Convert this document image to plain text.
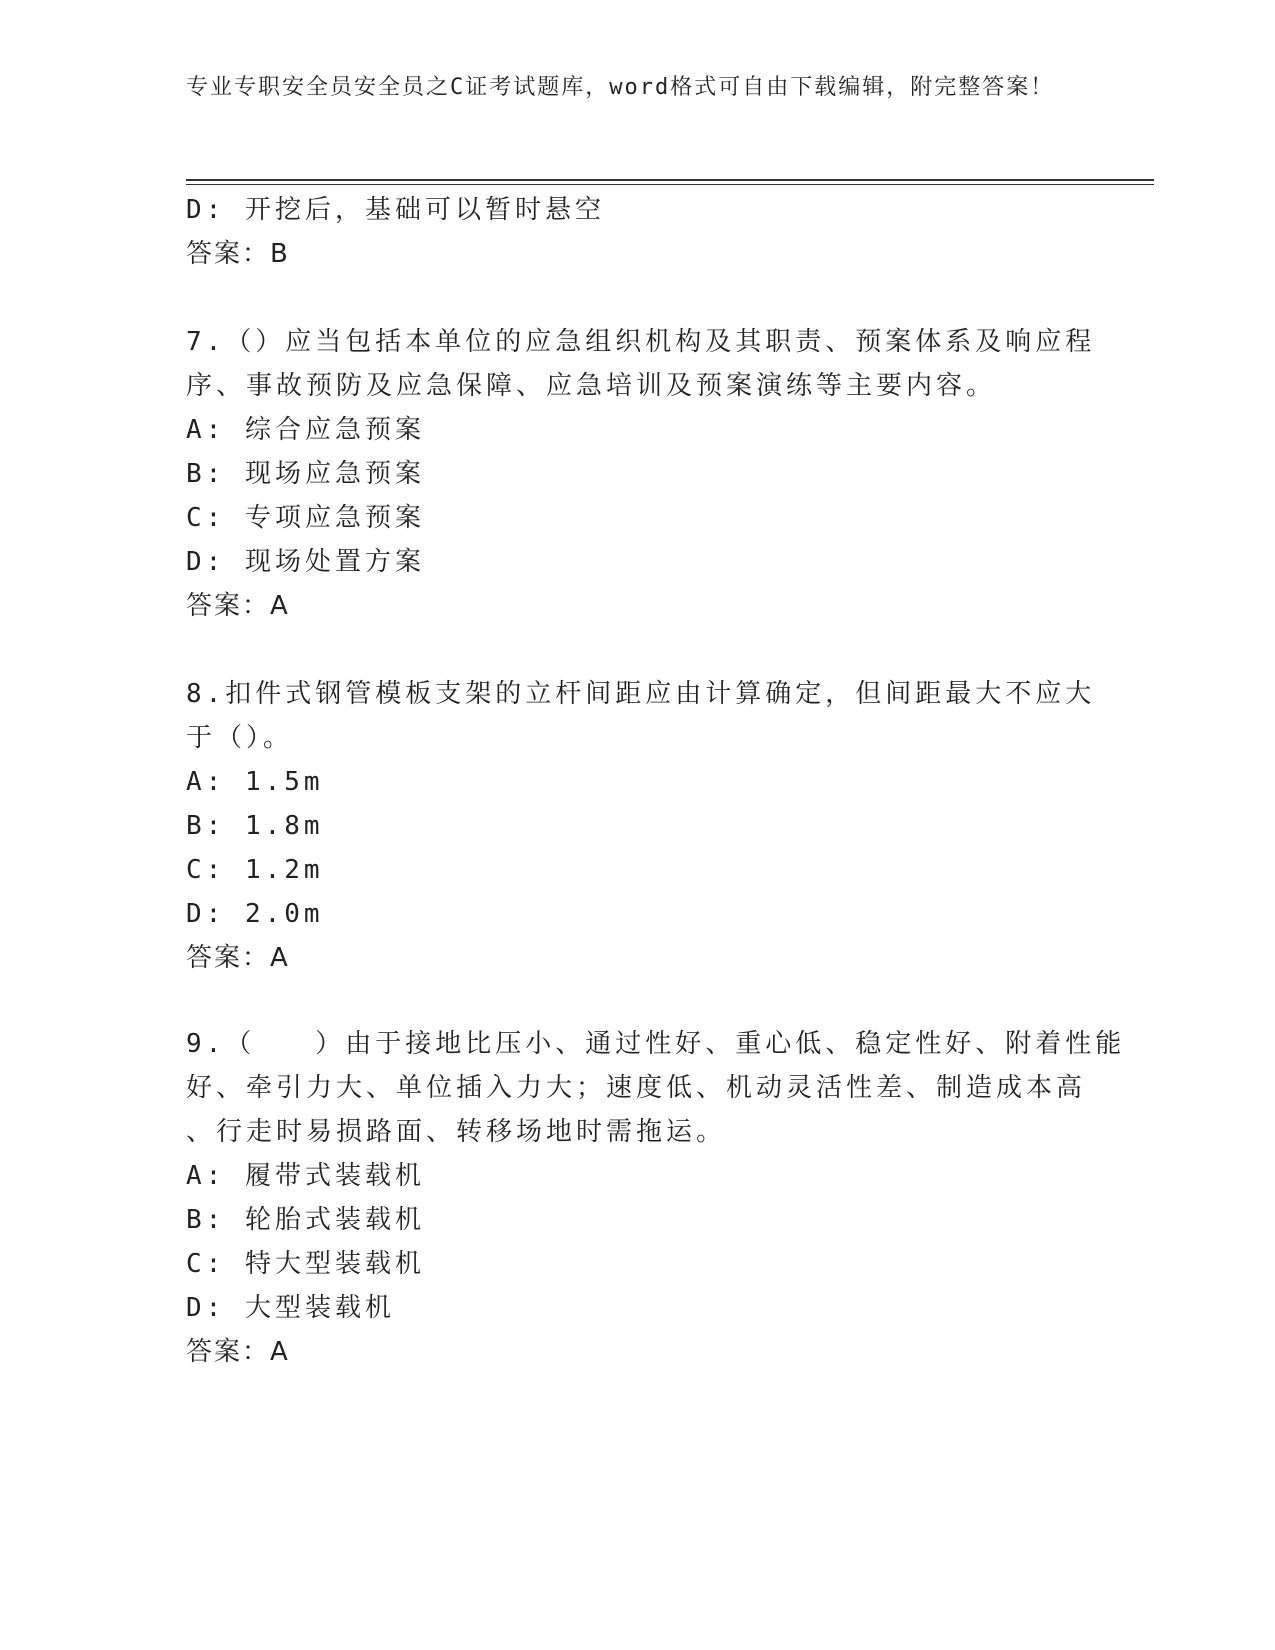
专业专职安全员安全员之C证考试题库，word格式可自由下载编辑，附完整答案！
D: 开挖后，基础可以暂时悬空
答案：B
7.（）应当包括本单位的应急组织机构及其职责、预案体系及响应程
序、事故预防及应急保障、应急培训及预案演练等主要内容。
A: 综合应急预案
B: 现场应急预案
C: 专项应急预案
D: 现场处置方案
答案：A
8.扣件式钢管模板支架的立杆间距应由计算确定，但间距最大不应大
于（）。
A: 1.5m
B: 1.8m
C: 1.2m
D: 2.0m
答案：A
9.（　　）由于接地比压小、通过性好、重心低、稳定性好、附着性能
好、牵引力大、单位插入力大；速度低、机动灵活性差、制造成本高
、行走时易损路面、转移场地时需拖运。
A: 履带式装载机
B: 轮胎式装载机
C: 特大型装载机
D: 大型装载机
答案：A
